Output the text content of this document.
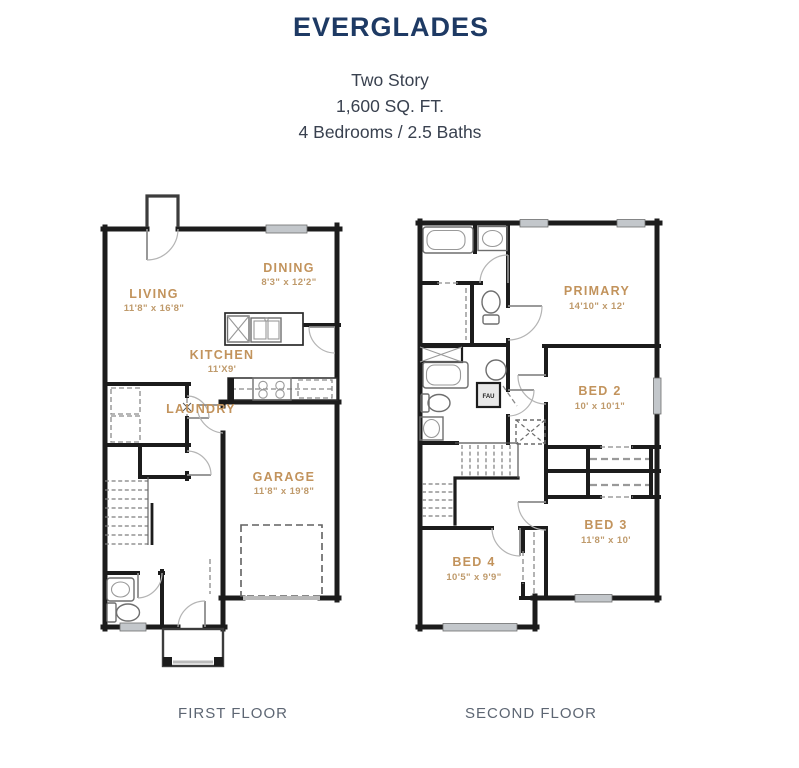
EVERGLADES
Two Story
1,600 SQ. FT.
4 Bedrooms / 2.5 Baths
LIVING
11'8" x 16'8"
DINING
8'3" x 12'2"
KITCHEN
11'X9'
LAUNDRY
GARAGE
11'8" x 19'8"
FAU
PRIMARY
14'10" x 12'
BED 2
10' x 10'1"
BED 3
11'8" x 10'
BED 4
10'5" x 9'9"
FIRST FLOOR	SECOND FLOOR
